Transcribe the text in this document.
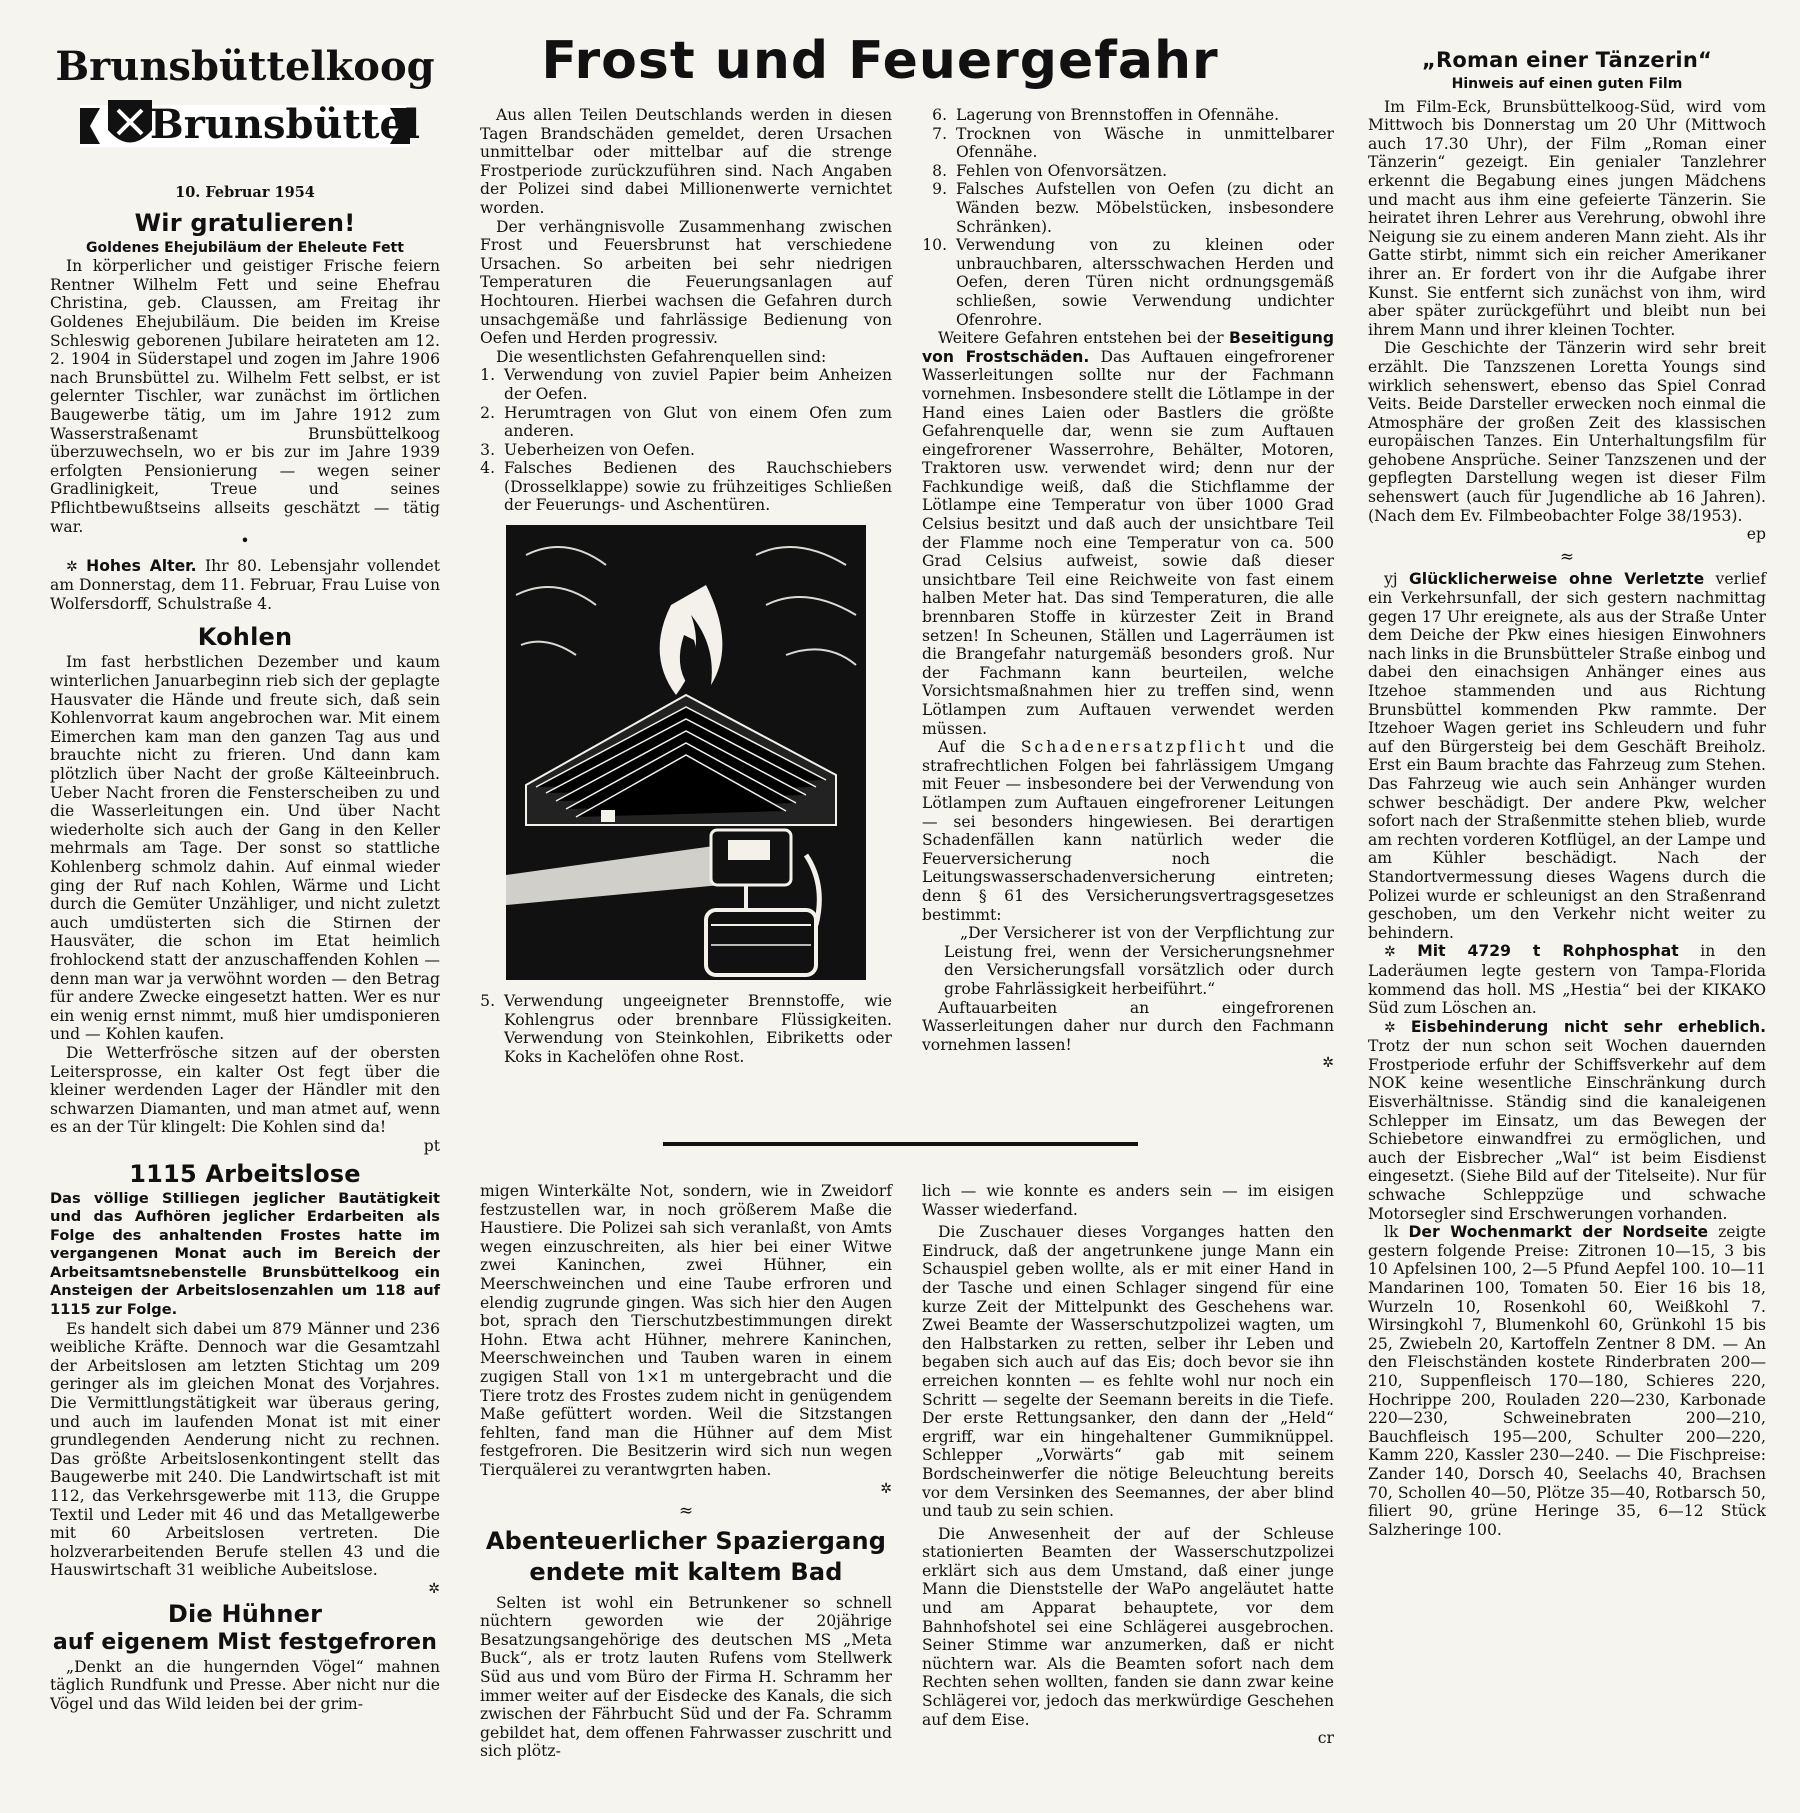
Brunsbüttelkoog
Brunsbüttel
Frost und Feuergefahr
10. Februar 1954
Wir gratulieren!
Goldenes Ehejubiläum der Eheleute Fett

In körperlicher und geistiger Frische feiern Rentner Wilhelm Fett und seine Ehefrau Christina, geb. Claussen, am Freitag ihr Goldenes Ehejubiläum. Die beiden im Kreise Schleswig geborenen Jubilare heirateten am 12. 2. 1904 in Süderstapel und zogen im Jahre 1906 nach Brunsbüttel zu. Wilhelm Fett selbst, er ist gelernter Tischler, war zunächst im örtlichen Baugewerbe tätig, um im Jahre 1912 zum Wasserstraßenamt Brunsbüttelkoog überzuwechseln, wo er bis zur im Jahre 1939 erfolgten Pensionierung — wegen seiner Gradlinigkeit, Treue und seines Pflichtbewußtseins allseits geschätzt — tätig war.

•

✲ Hohes Alter. Ihr 80. Lebensjahr vollendet am Donnerstag, dem 11. Februar, Frau Luise von Wolfersdorff, Schulstraße 4.

Kohlen

Im fast herbstlichen Dezember und kaum winterlichen Januarbeginn rieb sich der geplagte Hausvater die Hände und freute sich, daß sein Kohlenvorrat kaum angebrochen war. Mit einem Eimerchen kam man den ganzen Tag aus und brauchte nicht zu frieren. Und dann kam plötzlich über Nacht der große Kälteeinbruch. Ueber Nacht froren die Fensterscheiben zu und die Wasserleitungen ein. Und über Nacht wiederholte sich auch der Gang in den Keller mehrmals am Tage. Der sonst so stattliche Kohlenberg schmolz dahin. Auf einmal wieder ging der Ruf nach Kohlen, Wärme und Licht durch die Gemüter Unzähliger, und nicht zuletzt auch umdüsterten sich die Stirnen der Hausväter, die schon im Etat heimlich frohlockend statt der anzuschaffenden Kohlen — denn man war ja verwöhnt worden — den Betrag für andere Zwecke eingesetzt hatten. Wer es nur ein wenig ernst nimmt, muß hier umdisponieren und — Kohlen kaufen.

Die Wetterfrösche sitzen auf der obersten Leitersprosse, ein kalter Ost fegt über die kleiner werdenden Lager der Händler mit den schwarzen Diamanten, und man atmet auf, wenn es an der Tür klingelt: Die Kohlen sind da!

pt
1115 Arbeitslose
Das völlige Stilliegen jeglicher Bautätigkeit und das Aufhören jeglicher Erdarbeiten als Folge des anhaltenden Frostes hatte im vergangenen Monat auch im Bereich der Arbeitsamtsnebenstelle Brunsbüttelkoog ein Ansteigen der Arbeitslosenzahlen um 118 auf 1115 zur Folge.

Es handelt sich dabei um 879 Männer und 236 weibliche Kräfte. Dennoch war die Gesamtzahl der Arbeitslosen am letzten Stichtag um 209 geringer als im gleichen Monat des Vorjahres. Die Vermittlungstätigkeit war überaus gering, und auch im laufenden Monat ist mit einer grundlegenden Aenderung nicht zu rechnen. Das größte Arbeitslosenkontingent stellt das Baugewerbe mit 240. Die Landwirtschaft ist mit 112, das Verkehrsgewerbe mit 113, die Gruppe Textil und Leder mit 46 und das Metallgewerbe mit 60 Arbeitslosen vertreten. Die holzverarbeitenden Berufe stellen 43 und die Hauswirtschaft 31 weibliche Aubeitslose.

✲
Die Hühner
auf eigenem Mist festgefroren

„Denkt an die hungernden Vögel“ mahnen täglich Rundfunk und Presse. Aber nicht nur die Vögel und das Wild leiden bei der grim-

Aus allen Teilen Deutschlands werden in diesen Tagen Brandschäden gemeldet, deren Ursachen unmittelbar oder mittelbar auf die strenge Frostperiode zurückzuführen sind. Nach Angaben der Polizei sind dabei Millionenwerte vernichtet worden.

Der verhängnisvolle Zusammenhang zwischen Frost und Feuersbrunst hat verschiedene Ursachen. So arbeiten bei sehr niedrigen Temperaturen die Feuerungsanlagen auf Hochtouren. Hierbei wachsen die Gefahren durch unsachgemäße und fahrlässige Bedienung von Oefen und Herden progressiv.

Die wesentlichsten Gefahrenquellen sind:

1. Verwendung von zuviel Papier beim Anheizen der Oefen.
2. Herumtragen von Glut von einem Ofen zum anderen.
3. Ueberheizen von Oefen.
4. Falsches Bedienen des Rauchschiebers (Drosselklappe) sowie zu frühzeitiges Schließen der Feuerungs- und Aschentüren.
5. Verwendung ungeeigneter Brennstoffe, wie Kohlengrus oder brennbare Flüssigkeiten. Verwendung von Steinkohlen, Eibriketts oder Koks in Kachelöfen ohne Rost.
6. Lagerung von Brennstoffen in Ofennähe.
7. Trocknen von Wäsche in unmittelbarer Ofennähe.
8. Fehlen von Ofenvorsätzen.
9. Falsches Aufstellen von Oefen (zu dicht an Wänden bezw. Möbelstücken, insbesondere Schränken).
10. Verwendung von zu kleinen oder unbrauchbaren, altersschwachen Herden und Oefen, deren Türen nicht ordnungsgemäß schließen, sowie Verwendung undichter Ofenrohre.

Weitere Gefahren entstehen bei der Beseitigung von Frostschäden. Das Auftauen eingefrorener Wasserleitungen sollte nur der Fachmann vornehmen. Insbesondere stellt die Lötlampe in der Hand eines Laien oder Bastlers die größte Gefahrenquelle dar, wenn sie zum Auftauen eingefrorener Wasserrohre, Behälter, Motoren, Traktoren usw. verwendet wird; denn nur der Fachkundige weiß, daß die Stichflamme der Lötlampe eine Temperatur von über 1000 Grad Celsius besitzt und daß auch der unsichtbare Teil der Flamme noch eine Temperatur von ca. 500 Grad Celsius aufweist, sowie daß dieser unsichtbare Teil eine Reichweite von fast einem halben Meter hat. Das sind Temperaturen, die alle brennbaren Stoffe in kürzester Zeit in Brand setzen! In Scheunen, Ställen und Lagerräumen ist die Brangefahr naturgemäß besonders groß. Nur der Fachmann kann beurteilen, welche Vorsichtsmaßnahmen hier zu treffen sind, wenn Lötlampen zum Auftauen verwendet werden müssen.

Auf die Schadenersatzpflicht und die strafrechtlichen Folgen bei fahrlässigem Umgang mit Feuer — insbesondere bei der Verwendung von Lötlampen zum Auftauen eingefrorener Leitungen — sei besonders hingewiesen. Bei derartigen Schadenfällen kann natürlich weder die Feuerversicherung noch die Leitungswasserschadenversicherung eintreten; denn § 61 des Versicherungsvertragsgesetzes bestimmt:

„Der Versicherer ist von der Verpflichtung zur Leistung frei, wenn der Versicherungsnehmer den Versicherungsfall vorsätzlich oder durch grobe Fahrlässigkeit herbeiführt.“

Auftauarbeiten an eingefrorenen Wasserleitungen daher nur durch den Fachmann vornehmen lassen!

✲

migen Winterkälte Not, sondern, wie in Zweidorf festzustellen war, in noch größerem Maße die Haustiere. Die Polizei sah sich veranlaßt, von Amts wegen einzuschreiten, als hier bei einer Witwe zwei Kaninchen, zwei Hühner, ein Meerschweinchen und eine Taube erfroren und elendig zugrunde gingen. Was sich hier den Augen bot, sprach den Tierschutzbestimmungen direkt Hohn. Etwa acht Hühner, mehrere Kaninchen, Meerschweinchen und Tauben waren in einem zugigen Stall von 1×1 m untergebracht und die Tiere trotz des Frostes zudem nicht in genügendem Maße gefüttert worden. Weil die Sitzstangen fehlten, fand man die Hühner auf dem Mist festgefroren. Die Besitzerin wird sich nun wegen Tierquälerei zu verantwgrten haben.

✲
≈
Abenteuerlicher Spaziergang
endete mit kaltem Bad

Selten ist wohl ein Betrunkener so schnell nüchtern geworden wie der 20jährige Besatzungsangehörige des deutschen MS „Meta Buck“, als er trotz lauten Rufens vom Stellwerk Süd aus und vom Büro der Firma H. Schramm her immer weiter auf der Eisdecke des Kanals, die sich zwischen der Fährbucht Süd und der Fa. Schramm gebildet hat, dem offenen Fahrwasser zuschritt und sich plötz-

lich — wie konnte es anders sein — im eisigen Wasser wiederfand.

Die Zuschauer dieses Vorganges hatten den Eindruck, daß der angetrunkene junge Mann ein Schauspiel geben wollte, als er mit einer Hand in der Tasche und einen Schlager singend für eine kurze Zeit der Mittelpunkt des Geschehens war. Zwei Beamte der Wasserschutzpolizei wagten, um den Halbstarken zu retten, selber ihr Leben und begaben sich auch auf das Eis; doch bevor sie ihn erreichen konnten — es fehlte wohl nur noch ein Schritt — segelte der Seemann bereits in die Tiefe. Der erste Rettungsanker, den dann der „Held“ ergriff, war ein hingehaltener Gummiknüppel. Schlepper „Vorwärts“ gab mit seinem Bordscheinwerfer die nötige Beleuchtung bereits vor dem Versinken des Seemannes, der aber blind und taub zu sein schien.

Die Anwesenheit der auf der Schleuse stationierten Beamten der Wasserschutzpolizei erklärt sich aus dem Umstand, daß einer junge Mann die Dienststelle der WaPo angeläutet hatte und am Apparat behauptete, vor dem Bahnhofshotel sei eine Schlägerei ausgebrochen. Seiner Stimme war anzumerken, daß er nicht nüchtern war. Als die Beamten sofort nach dem Rechten sehen wollten, fanden sie dann zwar keine Schlägerei vor, jedoch das merkwürdige Geschehen auf dem Eise.

cr
„Roman einer Tänzerin“
Hinweis auf einen guten Film

Im Film-Eck, Brunsbüttelkoog-Süd, wird vom Mittwoch bis Donnerstag um 20 Uhr (Mittwoch auch 17.30 Uhr), der Film „Roman einer Tänzerin“ gezeigt. Ein genialer Tanzlehrer erkennt die Begabung eines jungen Mädchens und macht aus ihm eine gefeierte Tänzerin. Sie heiratet ihren Lehrer aus Verehrung, obwohl ihre Neigung sie zu einem anderen Mann zieht. Als ihr Gatte stirbt, nimmt sich ein reicher Amerikaner ihrer an. Er fordert von ihr die Aufgabe ihrer Kunst. Sie entfernt sich zunächst von ihm, wird aber später zurückgeführt und bleibt nun bei ihrem Mann und ihrer kleinen Tochter.

Die Geschichte der Tänzerin wird sehr breit erzählt. Die Tanzszenen Loretta Youngs sind wirklich sehenswert, ebenso das Spiel Conrad Veits. Beide Darsteller erwecken noch einmal die Atmosphäre der großen Zeit des klassischen europäischen Tanzes. Ein Unterhaltungsfilm für gehobene Ansprüche. Seiner Tanzszenen und der gepflegten Darstellung wegen ist dieser Film sehenswert (auch für Jugendliche ab 16 Jahren). (Nach dem Ev. Filmbeobachter Folge 38/1953).

ep
≈

yj Glücklicherweise ohne Verletzte verlief ein Verkehrsunfall, der sich gestern nachmittag gegen 17 Uhr ereignete, als aus der Straße Unter dem Deiche der Pkw eines hiesigen Einwohners nach links in die Brunsbütteler Straße einbog und dabei den einachsigen Anhänger eines aus Itzehoe stammenden und aus Richtung Brunsbüttel kommenden Pkw rammte. Der Itzehoer Wagen geriet ins Schleudern und fuhr auf den Bürgersteig bei dem Geschäft Breiholz. Erst ein Baum brachte das Fahrzeug zum Stehen. Das Fahrzeug wie auch sein Anhänger wurden schwer beschädigt. Der andere Pkw, welcher sofort nach der Straßenmitte stehen blieb, wurde am rechten vorderen Kotflügel, an der Lampe und am Kühler beschädigt. Nach der Standortvermessung dieses Wagens durch die Polizei wurde er schleunigst an den Straßenrand geschoben, um den Verkehr nicht weiter zu behindern.

✲ Mit 4729 t Rohphosphat in den Laderäumen legte gestern von Tampa-Florida kommend das holl. MS „Hestia“ bei der KIKAKO Süd zum Löschen an.

✲ Eisbehinderung nicht sehr erheblich. Trotz der nun schon seit Wochen dauernden Frostperiode erfuhr der Schiffsverkehr auf dem NOK keine wesentliche Einschränkung durch Eisverhältnisse. Ständig sind die kanaleigenen Schlepper im Einsatz, um das Bewegen der Schiebetore einwandfrei zu ermöglichen, und auch der Eisbrecher „Wal“ ist beim Eisdienst eingesetzt. (Siehe Bild auf der Titelseite). Nur für schwache Schleppzüge und schwache Motorsegler sind Erschwerungen vorhanden.

lk Der Wochenmarkt der Nordseite zeigte gestern folgende Preise: Zitronen 10—15, 3 bis 10 Apfelsinen 100, 2—5 Pfund Aepfel 100. 10—11 Mandarinen 100, Tomaten 50. Eier 16 bis 18, Wurzeln 10, Rosenkohl 60, Weißkohl 7. Wirsingkohl 7, Blumenkohl 60, Grünkohl 15 bis 25, Zwiebeln 20, Kartoffeln Zentner 8 DM. — An den Fleischständen kostete Rinderbraten 200—210, Suppenfleisch 170—180, Schieres 220, Hochrippe 200, Rouladen 220—230, Karbonade 220—230, Schweinebraten 200—210, Bauchfleisch 195—200, Schulter 200—220, Kamm 220, Kassler 230—240. — Die Fischpreise: Zander 140, Dorsch 40, Seelachs 40, Brachsen 70, Schollen 40—50, Plötze 35—40, Rotbarsch 50, filiert 90, grüne Heringe 35, 6—12 Stück Salzheringe 100.
